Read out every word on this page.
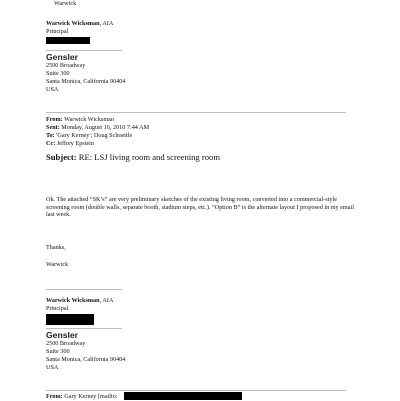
Warwick
Warwick Wicksman, AIA
Principal
Gensler
2500 Broadway
Suite 300
Santa Monica, California 90404
USA
From: Warwick Wicksman
Sent: Monday, August 16, 2010 7:44 AM
To: 'Gary Kerney'; Doug Schoettle
Cc: Jeffrey Epstein
Subject: RE: LSJ living room and screening room
Ok. The attached “SK’s” are very preliminary sketches of the existing living room, converted into a commercial-style screening room (double walls, separate booth, stadium steps, etc.). “Option B” is the alternate layout I proposed in my email last week.
Thanks,
Warwick
Warwick Wicksman, AIA
Principal
Gensler
2500 Broadway
Suite 300
Santa Monica, California 90404
USA
From: Gary Kerney [mailto:
